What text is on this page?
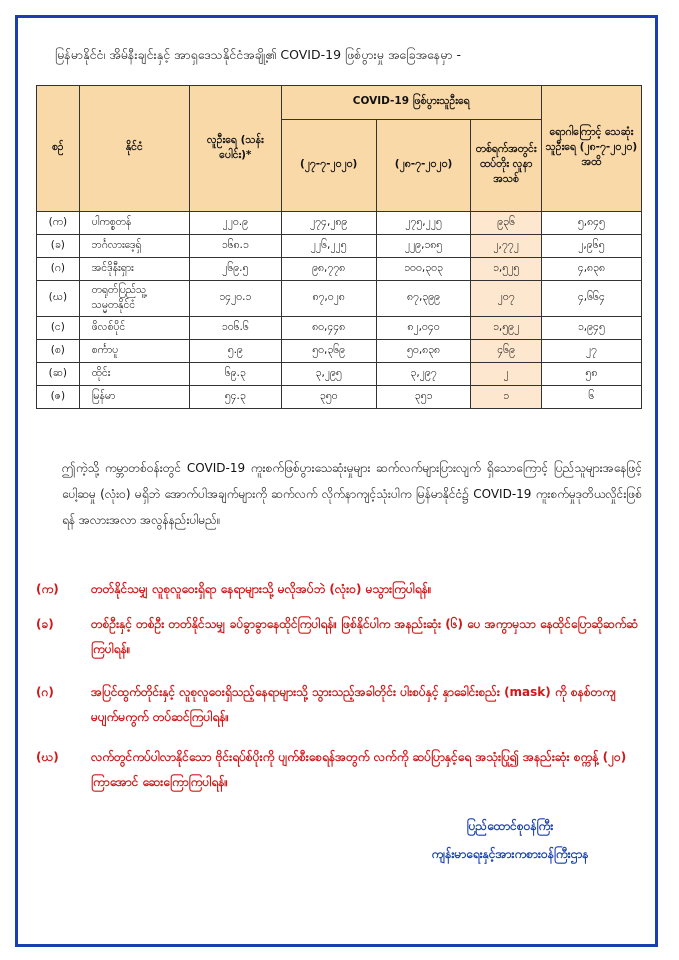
မြန်မာနိုင်ငံ၊ အိမ်နီးချင်းနှင့် အာရှဒေသနိုင်ငံအချို့၏ COVID-19 ဖြစ်ပွားမှု အခြေအနေမှာ -
စဉ်	နိုင်ငံ	လူဦးရေ (သန်းပေါင်း)*	COVID-19 ဖြစ်ပွားသူဦးရေ			ရောဂါကြောင့် သေဆုံးသူဦးရေ (၂၈-၇-၂၀၂၀) အထိ
			(၂၇-၇-၂၀၂၀)	(၂၈-၇-၂၀၂၀)	တစ်ရက်အတွင်း ထပ်တိုး လူနာအသစ်	
(က)	ပါကစ္စတန်	၂၂၀.၉	၂၇၄,၂၈၉	၂၇၅,၂၂၅	၉၃၆	၅,၈၄၅
(ခ)	ဘင်္ဂလားဒေ့ရှ်	၁၆၈.၁	၂၂၆,၂၂၅	၂၂၉,၁၈၅	၂,၇၇၂	၂,၉၆၅
(ဂ)	အင်ဒိုနီးရှား	၂၆၉.၅	၉၈,၇၇၈	၁၀၀,၃၀၃	၁,၅၂၅	၄,၈၃၈
(ဃ)	တရုတ်ပြည်သူ့ သမ္မတနိုင်ငံ	၁၄၂၀.၁	၈၇,၀၂၈	၈၇,၃၉၉	၂၀၇	၄,၆၆၄
(င)	ဖိလစ်ပိုင်	၁၀၆.၆	၈၀,၄၄၈	၈၂,၀၄၀	၁,၅၉၂	၁,၉၄၅
(စ)	စင်္ကာပူ	၅.၉	၅၀,၃၆၉	၅၀,၈၃၈	၄၆၉	၂၇
(ဆ)	ထိုင်း	၆၉.၃	၃,၂၉၅	၃,၂၉၇	၂	၅၈
(ဇ)	မြန်မာ	၅၄.၃	၃၅၀	၃၅၁	၁	၆
ဤကဲ့သို့ ကမ္ဘာတစ်ဝန်းတွင် COVID-19 ကူးစက်ဖြစ်ပွားသေဆုံးမှုများ ဆက်လက်များပြားလျက် ရှိသောကြောင့် ပြည်သူများအနေဖြင့် ပေါ့ဆမှု (လုံး၀) မရှိဘဲ အောက်ပါအချက်များကို ဆက်လက် လိုက်နာကျင့်သုံးပါက မြန်မာနိုင်ငံ၌ COVID-19 ကူးစက်မှုဒုတိယလှိုင်းဖြစ်ရန် အလားအလာ အလွန်နည်းပါမည်။
(က)	တတ်နိုင်သမျှ လူစုလူဝေးရှိရာ နေရာများသို့ မလိုအပ်ဘဲ (လုံး၀) မသွားကြပါရန်။
(ခ)	တစ်ဦးနှင့် တစ်ဦး တတ်နိုင်သမျှ ခပ်ခွာခွာနေထိုင်ကြပါရန်။ ဖြစ်နိုင်ပါက အနည်းဆုံး (၆) ပေ အကွာမှသာ နေထိုင်ပြောဆိုဆက်ဆံကြပါရန်။
(ဂ)	အပြင်ထွက်တိုင်းနှင့် လူစုလူဝေးရှိသည့်နေရာများသို့ သွားသည့်အခါတိုင်း ပါးစပ်နှင့် နှာခေါင်းစည်း (mask) ကို စနစ်တကျ မပျက်မကွက် တပ်ဆင်ကြပါရန်။
(ဃ)	လက်တွင်ကပ်ပါလာနိုင်သော ဗိုင်းရပ်စ်ပိုးကို ပျက်စီးစေရန်အတွက် လက်ကို ဆပ်ပြာနှင့်ရေ အသုံးပြု၍ အနည်းဆုံး စက္ကန့် (၂၀) ကြာအောင် ဆေးကြောကြပါရန်။
ပြည်ထောင်စုဝန်ကြီး
ကျန်းမာရေးနှင့်အားကစားဝန်ကြီးဌာန
